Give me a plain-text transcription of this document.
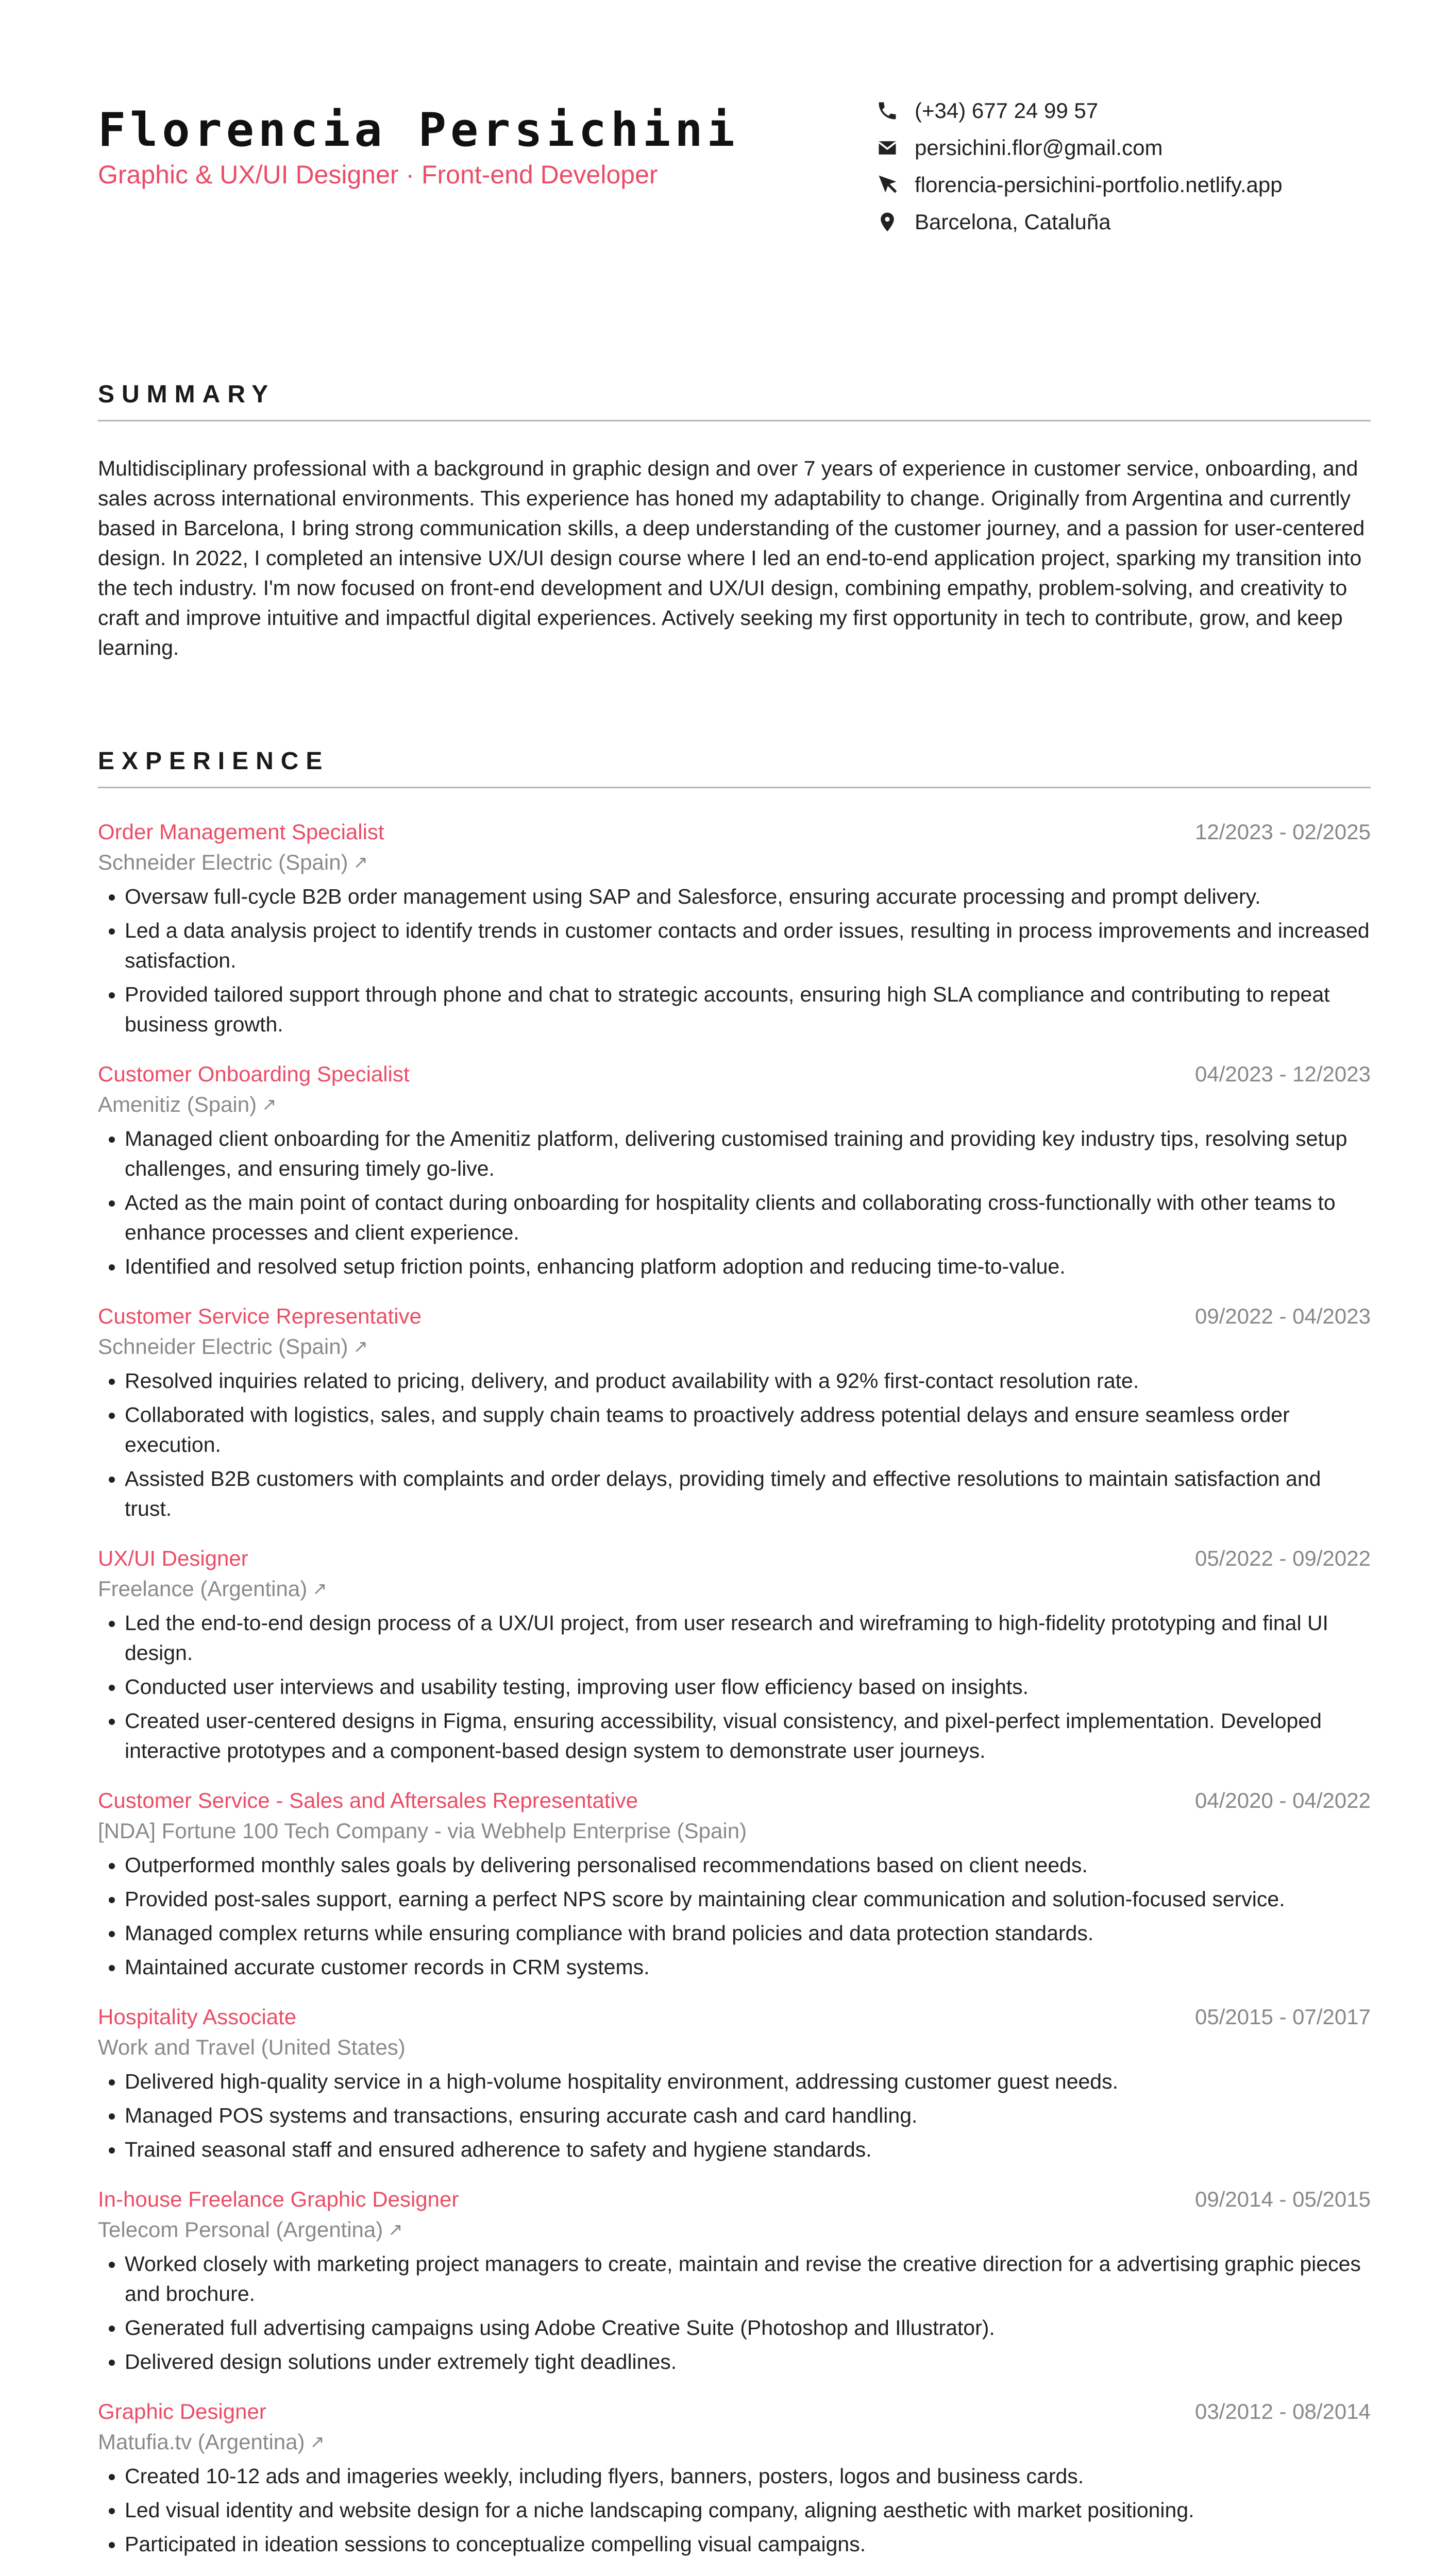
Florencia Persichini
Graphic & UX/UI Designer · Front-end Developer
(+34) 677 24 99 57
persichini.flor@gmail.com
florencia-persichini-portfolio.netlify.app
Barcelona, Cataluña
SUMMARY
Multidisciplinary professional with a background in graphic design and over 7 years of experience in customer service, onboarding, and sales across international environments. This experience has honed my adaptability to change. Originally from Argentina and currently based in Barcelona, I bring strong communication skills, a deep understanding of the customer journey, and a passion for user-centered design. In 2022, I completed an intensive UX/UI design course where I led an end-to-end application project, sparking my transition into the tech industry. I'm now focused on front-end development and UX/UI design, combining empathy, problem-solving, and creativity to craft and improve intuitive and impactful digital experiences. Actively seeking my first opportunity in tech to contribute, grow, and keep learning.
EXPERIENCE
Order Management Specialist	12/2023 - 02/2025
Schneider Electric (Spain) ↗
• Oversaw full-cycle B2B order management using SAP and Salesforce, ensuring accurate processing and prompt delivery.
• Led a data analysis project to identify trends in customer contacts and order issues, resulting in process improvements and increased satisfaction.
• Provided tailored support through phone and chat to strategic accounts, ensuring high SLA compliance and contributing to repeat business growth.
Customer Onboarding Specialist	04/2023 - 12/2023
Amenitiz (Spain) ↗
• Managed client onboarding for the Amenitiz platform, delivering customised training and providing key industry tips, resolving setup challenges, and ensuring timely go-live.
• Acted as the main point of contact during onboarding for hospitality clients and collaborating cross-functionally with other teams to enhance processes and client experience.
• Identified and resolved setup friction points, enhancing platform adoption and reducing time-to-value.
Customer Service Representative	09/2022 - 04/2023
Schneider Electric (Spain) ↗
• Resolved inquiries related to pricing, delivery, and product availability with a 92% first-contact resolution rate.
• Collaborated with logistics, sales, and supply chain teams to proactively address potential delays and ensure seamless order execution.
• Assisted B2B customers with complaints and order delays, providing timely and effective resolutions to maintain satisfaction and trust.
UX/UI Designer	05/2022 - 09/2022
Freelance (Argentina) ↗
• Led the end-to-end design process of a UX/UI project, from user research and wireframing to high-fidelity prototyping and final UI design.
• Conducted user interviews and usability testing, improving user flow efficiency based on insights.
• Created user-centered designs in Figma, ensuring accessibility, visual consistency, and pixel-perfect implementation. Developed interactive prototypes and a component-based design system to demonstrate user journeys.
Customer Service - Sales and Aftersales Representative	04/2020 - 04/2022
[NDA] Fortune 100 Tech Company - via Webhelp Enterprise (Spain)
• Outperformed monthly sales goals by delivering personalised recommendations based on client needs.
• Provided post-sales support, earning a perfect NPS score by maintaining clear communication and solution-focused service.
• Managed complex returns while ensuring compliance with brand policies and data protection standards.
• Maintained accurate customer records in CRM systems.
Hospitality Associate	05/2015 - 07/2017
Work and Travel (United States)
• Delivered high-quality service in a high-volume hospitality environment, addressing customer guest needs.
• Managed POS systems and transactions, ensuring accurate cash and card handling.
• Trained seasonal staff and ensured adherence to safety and hygiene standards.
In-house Freelance Graphic Designer	09/2014 - 05/2015
Telecom Personal (Argentina) ↗
• Worked closely with marketing project managers to create, maintain and revise the creative direction for a advertising graphic pieces and brochure.
• Generated full advertising campaigns using Adobe Creative Suite (Photoshop and Illustrator).
• Delivered design solutions under extremely tight deadlines.
Graphic Designer	03/2012 - 08/2014
Matufia.tv (Argentina) ↗
• Created 10-12 ads and imageries weekly, including flyers, banners, posters, logos and business cards.
• Led visual identity and website design for a niche landscaping company, aligning aesthetic with market positioning.
• Participated in ideation sessions to conceptualize compelling visual campaigns.
